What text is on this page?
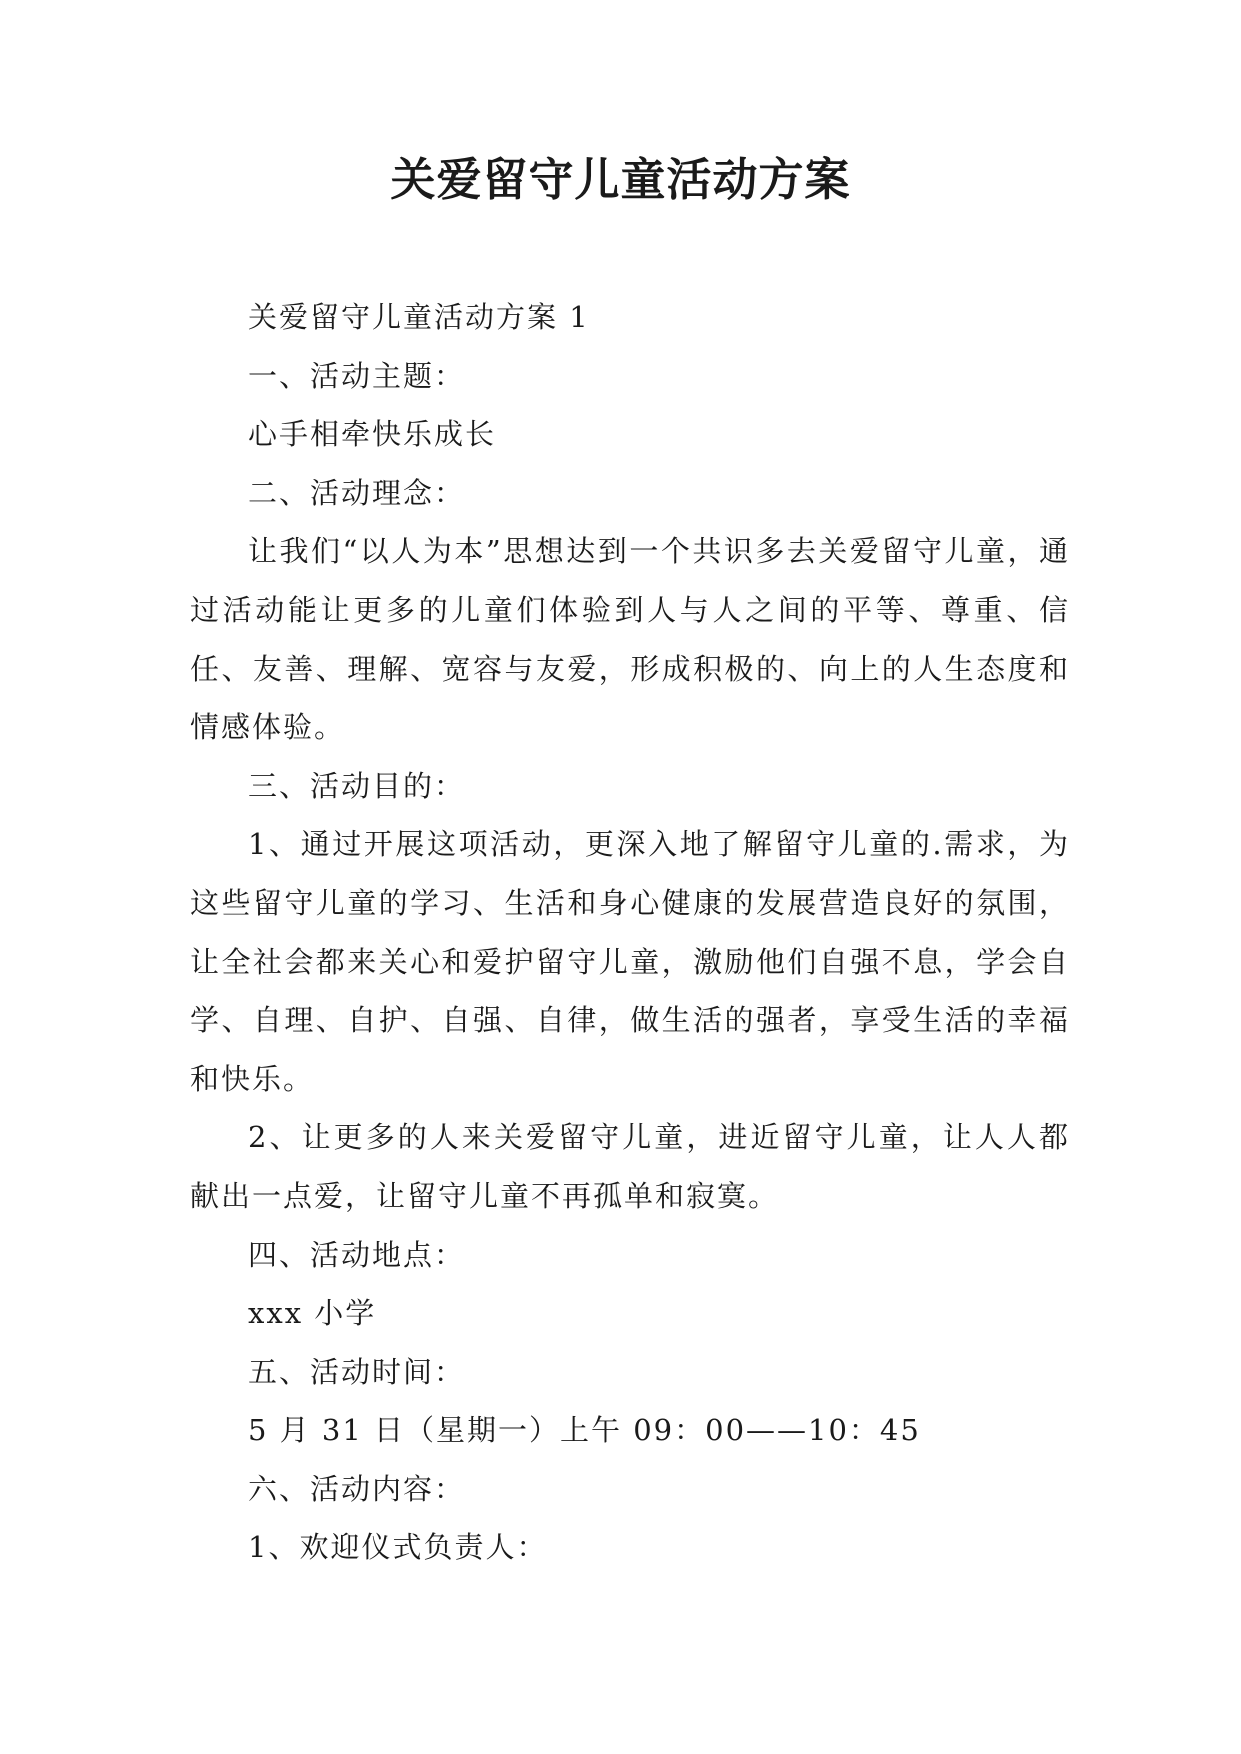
关爱留守儿童活动方案

关爱留守儿童活动方案 1

一、活动主题：

心手相牵快乐成长

二、活动理念：

让我们“以人为本”思想达到一个共识多去关爱留守儿童，通过活动能让更多的儿童们体验到人与人之间的平等、尊重、信任、友善、理解、宽容与友爱，形成积极的、向上的人生态度和情感体验。

三、活动目的：

1、通过开展这项活动，更深入地了解留守儿童的.需求，为这些留守儿童的学习、生活和身心健康的发展营造良好的氛围，让全社会都来关心和爱护留守儿童，激励他们自强不息，学会自学、自理、自护、自强、自律，做生活的强者，享受生活的幸福和快乐。

2、让更多的人来关爱留守儿童，进近留守儿童，让人人都献出一点爱，让留守儿童不再孤单和寂寞。

四、活动地点：

xxx 小学

五、活动时间：

5 月 31 日（星期一）上午 09：00——10：45

六、活动内容：

1、欢迎仪式负责人：
